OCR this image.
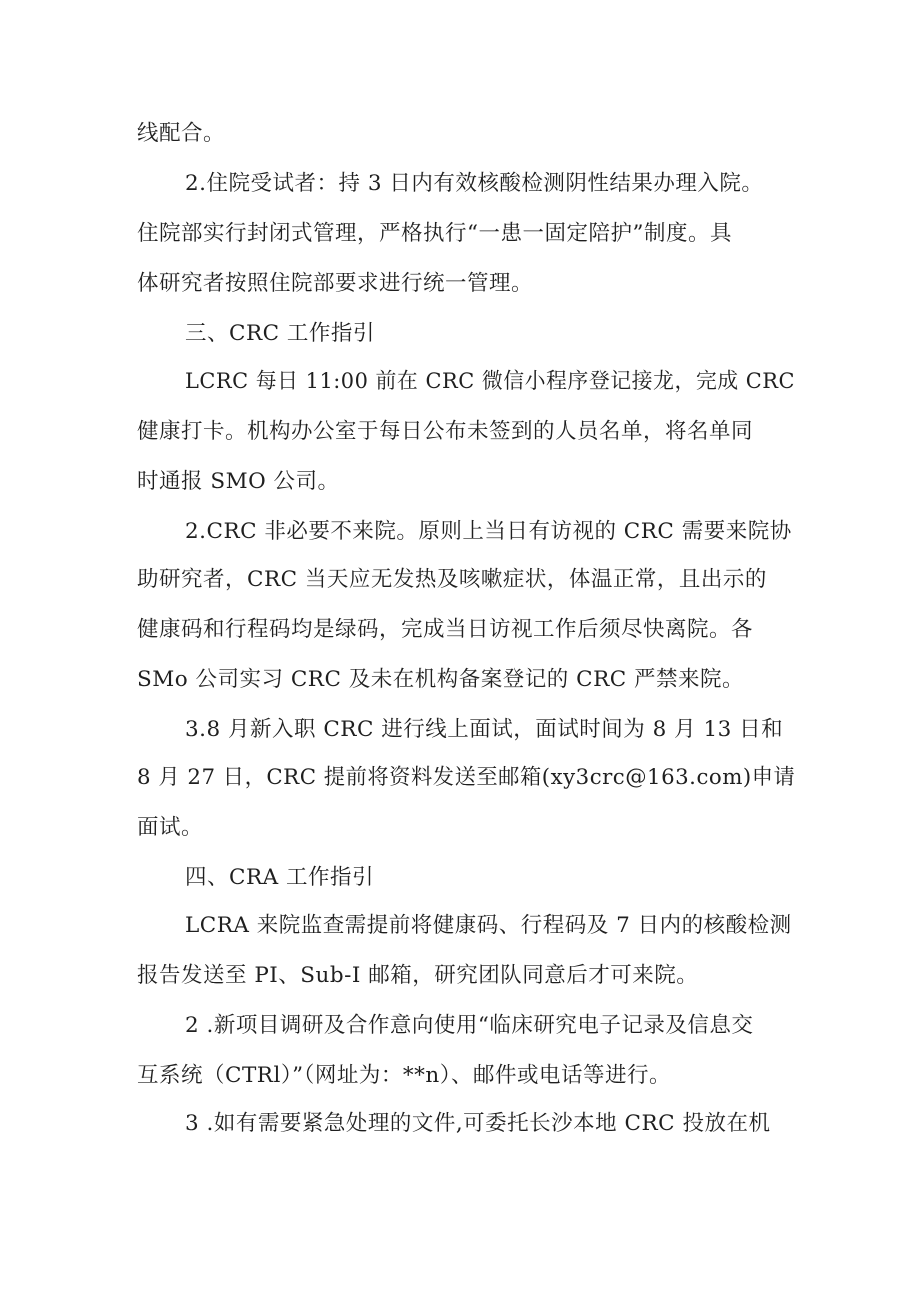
线配合。
2.住院受试者：持 3 日内有效核酸检测阴性结果办理入院。
住院部实行封闭式管理，严格执行“一患一固定陪护”制度。具
体研究者按照住院部要求进行统一管理。
三、CRC 工作指引
LCRC 每日 11:00 前在 CRC 微信小程序登记接龙，完成 CRC
健康打卡。机构办公室于每日公布未签到的人员名单，将名单同
时通报 SMO 公司。
2.CRC 非必要不来院。原则上当日有访视的 CRC 需要来院协
助研究者，CRC 当天应无发热及咳嗽症状，体温正常，且出示的
健康码和行程码均是绿码，完成当日访视工作后须尽快离院。各
SMo 公司实习 CRC 及未在机构备案登记的 CRC 严禁来院。
3.8 月新入职 CRC 进行线上面试，面试时间为 8 月 13 日和
8 月 27 日，CRC 提前将资料发送至邮箱(xy3crc@163.com)申请
面试。
四、CRA 工作指引
LCRA 来院监查需提前将健康码、行程码及 7 日内的核酸检测
报告发送至 PI、Sub-I 邮箱，研究团队同意后才可来院。
2 .新项目调研及合作意向使用“临床研究电子记录及信息交
互系统（CTRl）”（网址为：**n）、邮件或电话等进行。
3 .如有需要紧急处理的文件,可委托长沙本地 CRC 投放在机
